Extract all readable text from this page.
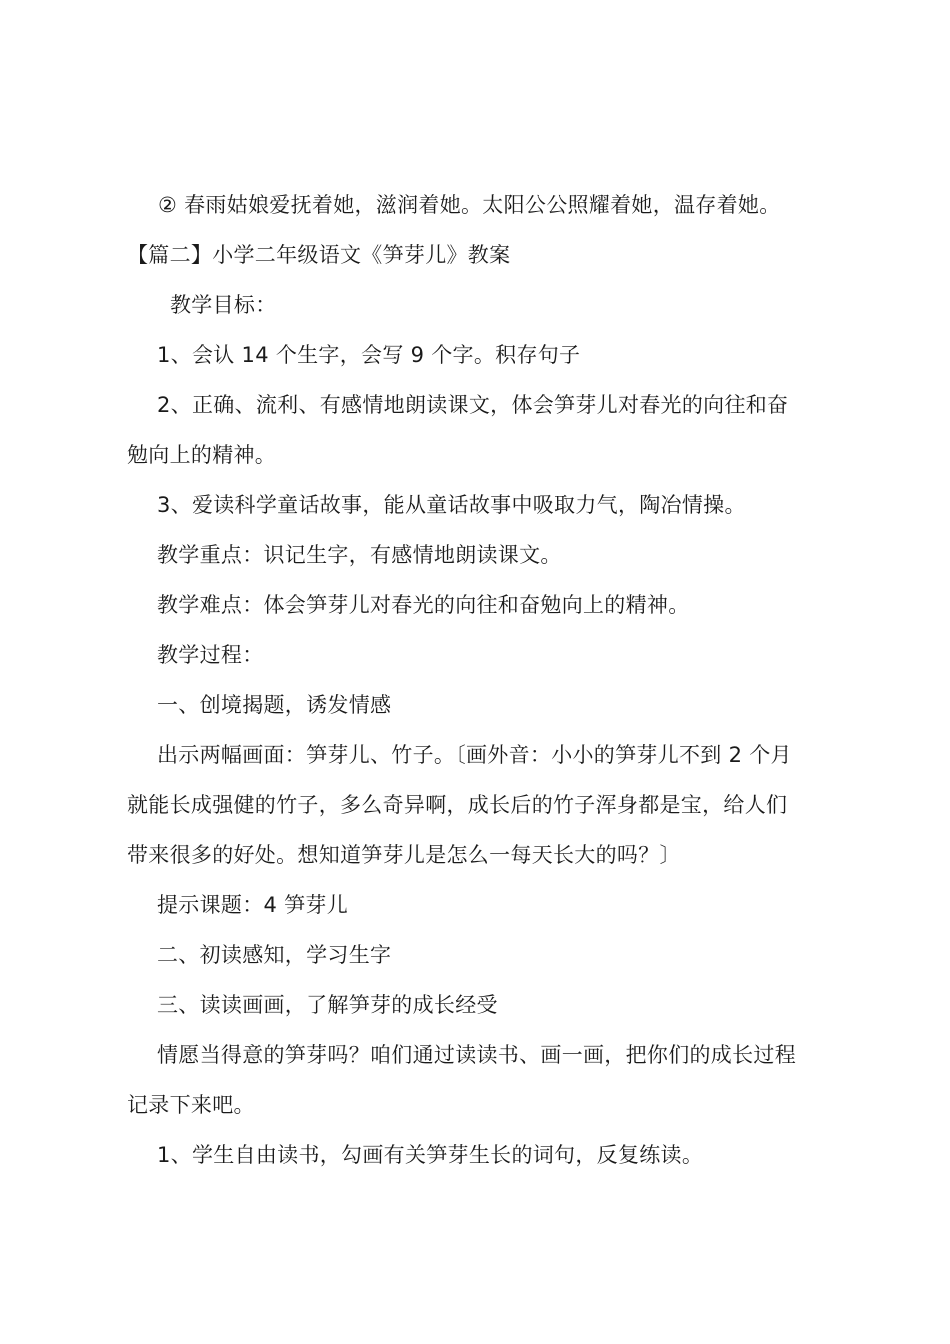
② 春雨姑娘爱抚着她，滋润着她。太阳公公照耀着她，温存着她。
【篇二】小学二年级语文《笋芽儿》教案
教学目标：
1、会认 14 个生字，会写 9 个字。积存句子
2、正确、流利、有感情地朗读课文，体会笋芽儿对春光的向往和奋
勉向上的精神。
3、爱读科学童话故事，能从童话故事中吸取力气，陶冶情操。
教学重点：识记生字，有感情地朗读课文。
教学难点：体会笋芽儿对春光的向往和奋勉向上的精神。
教学过程：
一、创境揭题，诱发情感
出示两幅画面：笋芽儿、竹子。〔画外音：小小的笋芽儿不到 2 个月
就能长成强健的竹子，多么奇异啊，成长后的竹子浑身都是宝，给人们
带来很多的好处。想知道笋芽儿是怎么一每天长大的吗？〕
提示课题：4 笋芽儿
二、初读感知，学习生字
三、读读画画，了解笋芽的成长经受
情愿当得意的笋芽吗？咱们通过读读书、画一画，把你们的成长过程
记录下来吧。
1、学生自由读书，勾画有关笋芽生长的词句，反复练读。
